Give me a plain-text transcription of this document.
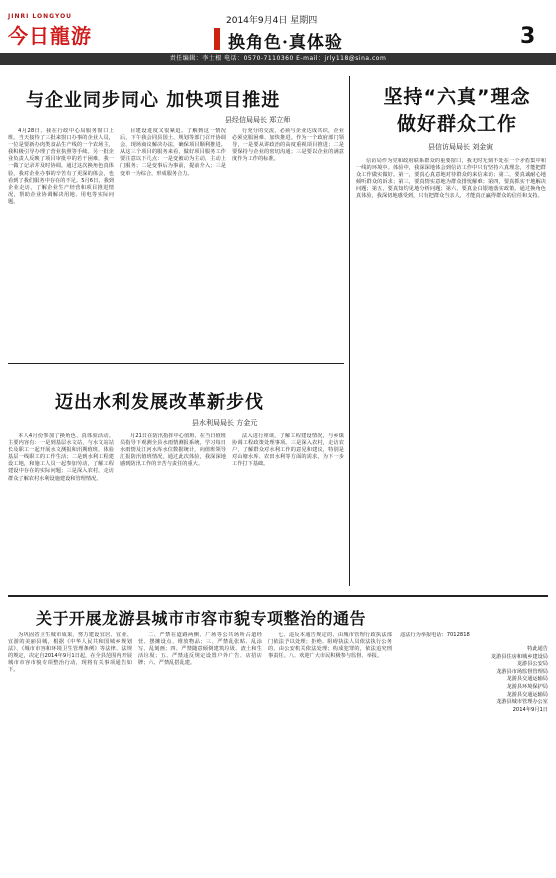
JINRI LONGYOU
今日龍游
2014年9月4日 星期四
换角色·真体验	3
责任编辑：李士根 电话：0570-7110360 E-mail：jrly118@sina.com
与企业同步同心 加快项目推进
县经信局局长 郑立师

4月28日，我在行政中心局服务窗口上班。当天接待了三批来窗口办事的企业人员，一位是要新办肉类食品生产线的一个农场主，我积极引导办理了营业执照等手续。另一批企业负责人反映了项目审批中的若干困难，我一一做了记录并及时协调。通过这次换角色真体验，我对企业办事的辛苦有了更深的体会，也看到了我们服务中存在的不足。5月6日，我到企业走访，了解企业生产经营和项目推进情况，帮助企业协调解决用地、用电等实际问题。

目建设进度又很紧迫。了解到这一情况后，下午我会同县国土、规划等部门召开协调会，现场商议解决办法，确保项目顺利推进。从这三个项目的服务来看，做好项目服务工作要注意以下几点：一是变被动为主动，主动上门服务；二是变事后为事前，提前介入；三是变单一为综合，形成服务合力。

行充分的交流，必须与企业达成共识，企业必须克服困难、加快推进。作为一个政府部门领导，一是要从讲政治的高度重视项目推进；二是要保持与企业的密切沟通；三是要以企业的满意度作为工作的标准。

坚持“六真”理念
做好群众工作
县信访局局长 刘金寅

信访局作为党和政府联系群众的重要窗口，我无时无刻不处在一个矛盾集中和一线的环境中。体验中，我深深地体会到信访工作中只有坚持六真理念，才能把群众工作做实做好。第一，要真心真意地对待群众的来信来访；第二，要真诚耐心地倾听群众的诉求；第三，要真情实意地为群众排忧解难；第四，要真抓实干地解决问题；第五，要真知灼见地分析问题；第六，要真金白银地落实政策。通过换角色真体验，我深切地感受到，只有把群众当亲人，才能真正赢得群众的信任和支持。

迈出水利发展改革新步伐
县水利局局长 方金元

本人4月份参加了换角色、真体验活动。主要内容有：一是到基层水文站，与水文站站长及职工一起开展水文测报和汛期值班，体验基层一线职工的工作生活；二是到水利工程建设工地，和施工人员一起参加劳动，了解工程建设中存在的实际问题；三是深入农村，走访群众了解农村水利设施建设和管理情况。

月21日在防汛指挥中心值班，在当日值班员指导下观测全县水雨情测报系统，学习每日水雨情及江河水库水位数据统计，向值班领导汇报防汛值班情况。通过此次体验，我深深地感到防汛工作的辛苦与责任的重大。

法入进行座谈，了解工程建设情况，与乡镇协调工程政策处理事项。三是深入农村，走访农户，了解群众对水利工作的意见和建议，特别是对山塘水库、农田水利等方面的需求，为下一步工作打下基础。

关于开展龙游县城市市容市貌专项整治的通告

为巩固省卫生城市成果，努力建设宜居、宜业、宜游的美丽县城，根据《中华人民共和国城乡规划法》、《城市市容和环境卫生管理条例》等法律、法规的规定，决定自2014年9月1日起，在全县范围内开展城市市容市貌专项整治行动，现将有关事项通告如下。

二、严禁在道路两侧、广场等公共场所占道经营、摆摊设点、堆放物品；三、严禁乱张贴、乱涂写、乱刻画；四、严禁随意倾倒建筑垃圾、渣土和生活垃圾；五、严禁违反规定设置户外广告、店招店牌；六、严禁乱搭乱建。

七、违反本通告规定的，由城市管理行政执法部门依法予以处理；拒绝、阻碍执法人员依法执行公务的，由公安机关依法处理；构成犯罪的，依法追究刑事责任。八、欢迎广大市民积极参与监督、举报。

违法行为举报电话：7012818

特此通告
龙游县住房和城乡建设局
龙游县公安局
龙游县市场监督管理局
龙游县交通运输局
龙游县环境保护局
龙游县交通运输局
龙游县城市管理办公室
2014年9月1日
